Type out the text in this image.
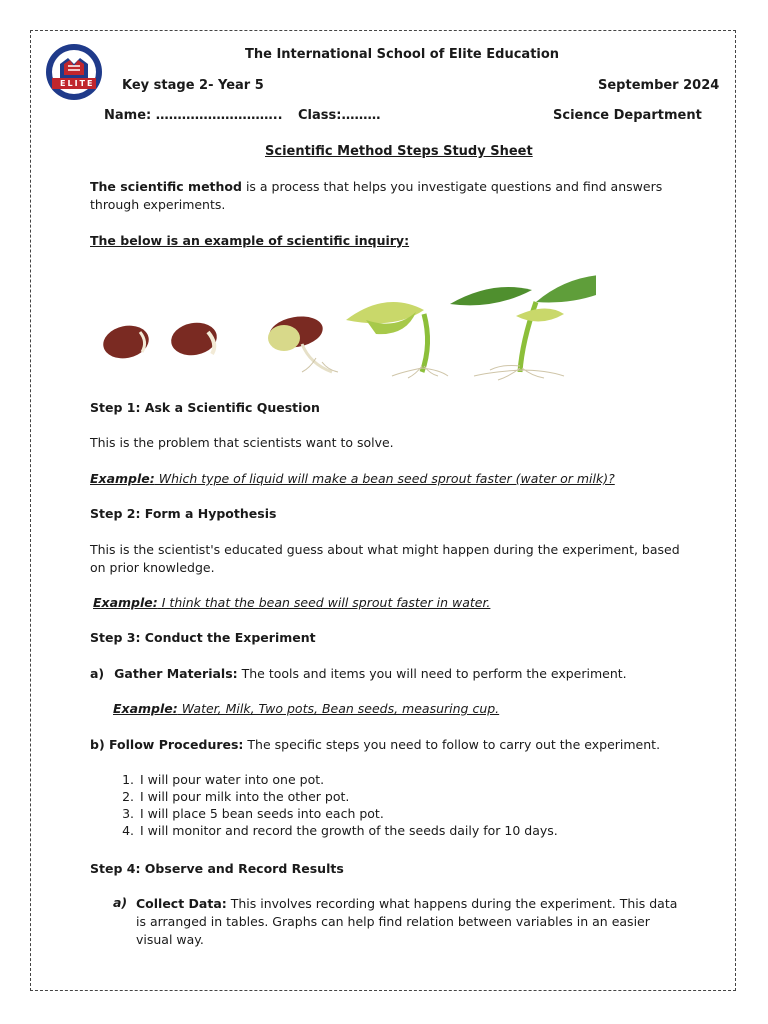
ELITE
The International School of Elite Education
Key stage 2- Year 5	September 2024
Name: ……………………….. Class:………	Science Department
Scientific Method Steps Study Sheet
The scientific method is a process that helps you investigate questions and find answers through experiments.
The below is an example of scientific inquiry:
Step 1: Ask a Scientific Question
This is the problem that scientists want to solve.
Example: Which type of liquid will make a bean seed sprout faster (water or milk)?
Step 2: Form a Hypothesis
This is the scientist's educated guess about what might happen during the experiment, based on prior knowledge.
Example: I think that the bean seed will sprout faster in water.
Step 3: Conduct the Experiment
a) Gather Materials: The tools and items you will need to perform the experiment.
Example: Water, Milk, Two pots, Bean seeds, measuring cup.
b) Follow Procedures: The specific steps you need to follow to carry out the experiment.
1. I will pour water into one pot.
2. I will pour milk into the other pot.
3. I will place 5 bean seeds into each pot.
4. I will monitor and record the growth of the seeds daily for 10 days.
Step 4: Observe and Record Results
a) Collect Data: This involves recording what happens during the experiment. This data is arranged in tables. Graphs can help find relation between variables in an easier visual way.
